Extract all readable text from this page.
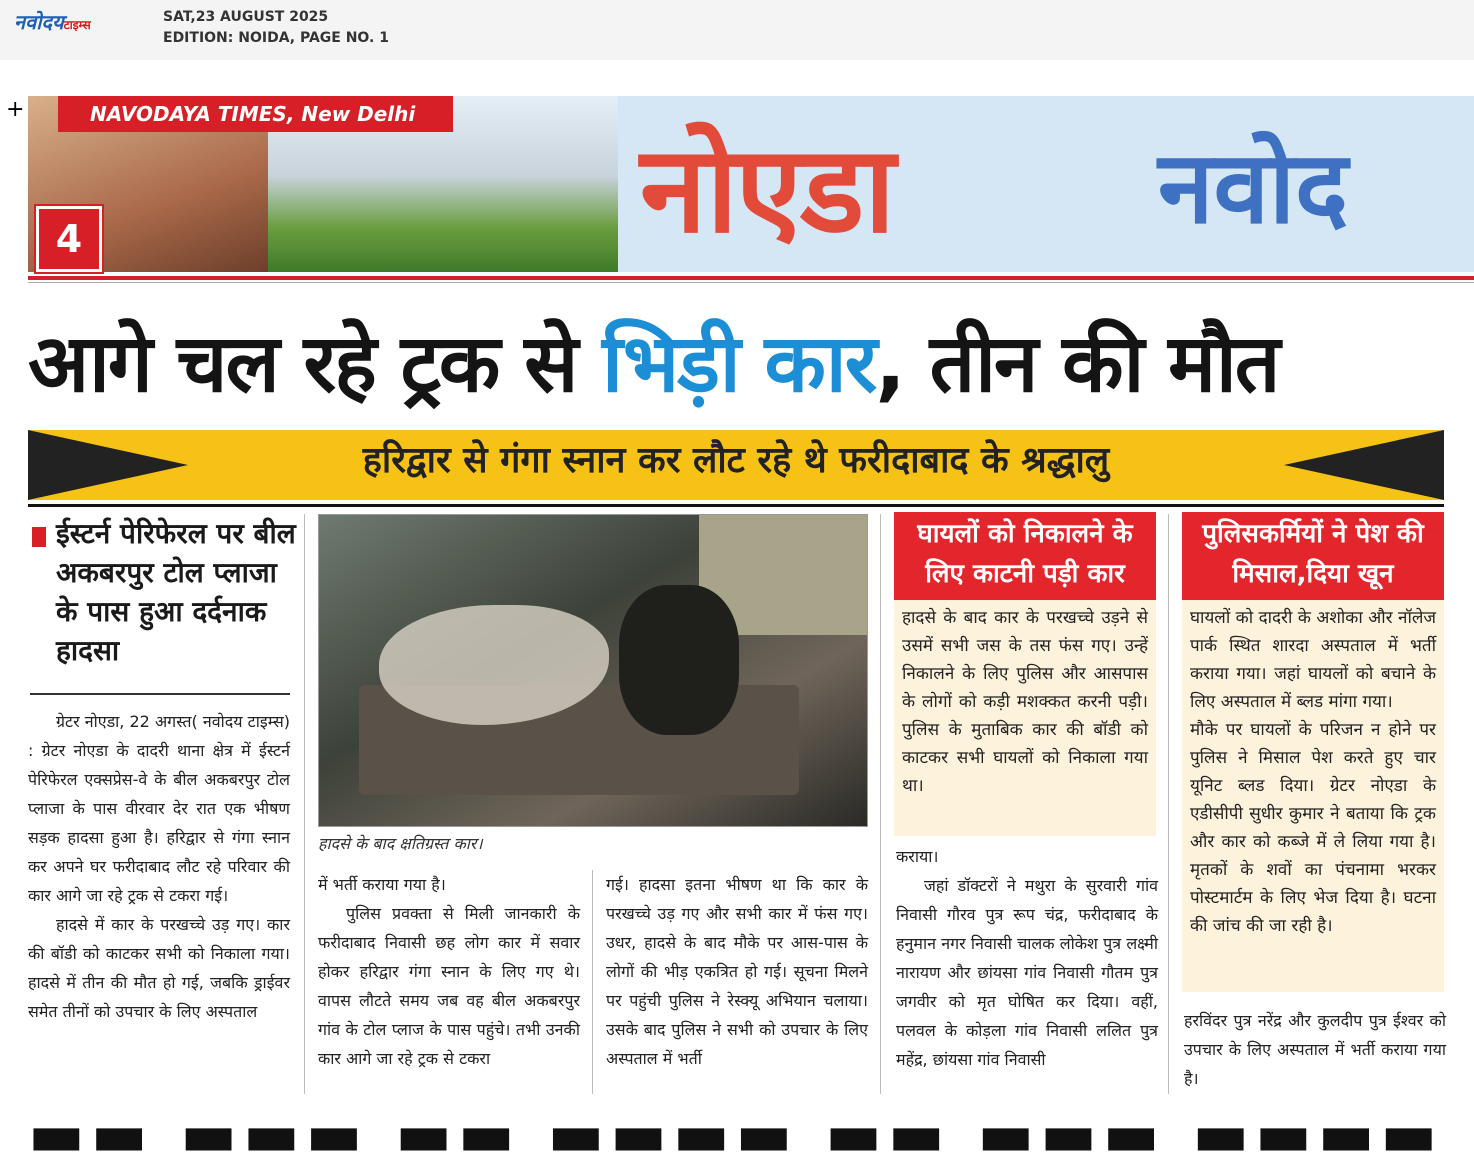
नवोदयटाइम्स	SAT,23 AUGUST 2025
EDITION: NOIDA, PAGE NO. 1
+	NAVODAYA TIMES, New Delhi
4	नोएडा	नवोद
आगे चल रहे ट्रक से भिड़ी कार, तीन की मौत
हरिद्वार से गंगा स्नान कर लौट रहे थे फरीदाबाद के श्रद्धालु
ईस्टर्न पेरिफेरल पर बील अकबरपुर टोल प्लाजा के पास हुआ दर्दनाक हादसा

ग्रेटर नोएडा, 22 अगस्त( नवोदय टाइम्स) : ग्रेटर नोएडा के दादरी थाना क्षेत्र में ईस्टर्न पेरिफेरल एक्सप्रेस-वे के बील अकबरपुर टोल प्लाजा के पास वीरवार देर रात एक भीषण सड़क हादसा हुआ है। हरिद्वार से गंगा स्नान कर अपने घर फरीदाबाद लौट रहे परिवार की कार आगे जा रहे ट्रक से टकरा गई।

हादसे में कार के परखच्चे उड़ गए। कार की बॉडी को काटकर सभी को निकाला गया। हादसे में तीन की मौत हो गई, जबकि ड्राईवर समेत तीनों को उपचार के लिए अस्पताल

हादसे के बाद क्षतिग्रस्त कार।

में भर्ती कराया गया है।

पुलिस प्रवक्ता से मिली जानकारी के फरीदाबाद निवासी छह लोग कार में सवार होकर हरिद्वार गंगा स्नान के लिए गए थे। वापस लौटते समय जब वह बील अकबरपुर गांव के टोल प्लाज के पास पहुंचे। तभी उनकी कार आगे जा रहे ट्रक से टकरा

गई। हादसा इतना भीषण था कि कार के परखच्चे उड़ गए और सभी कार में फंस गए। उधर, हादसे के बाद मौके पर आस-पास के लोगों की भीड़ एकत्रित हो गई। सूचना मिलने पर पहुंची पुलिस ने रेस्क्यू अभियान चलाया। उसके बाद पुलिस ने सभी को उपचार के लिए अस्पताल में भर्ती

घायलों को निकालने के लिए काटनी पड़ी कार

हादसे के बाद कार के परखच्चे उड़ने से उसमें सभी जस के तस फंस गए। उन्हें निकालने के लिए पुलिस और आसपास के लोगों को कड़ी मशक्कत करनी पड़ी। पुलिस के मुताबिक कार की बॉडी को काटकर सभी घायलों को निकाला गया था।

कराया।

जहां डॉक्टरों ने मथुरा के सुरवारी गांव निवासी गौरव पुत्र रूप चंद्र, फरीदाबाद के हनुमान नगर निवासी चालक लोकेश पुत्र लक्ष्मी नारायण और छांयसा गांव निवासी गौतम पुत्र जगवीर को मृत घोषित कर दिया। वहीं, पलवल के कोड़ला गांव निवासी ललित पुत्र महेंद्र, छांयसा गांव निवासी

पुलिसकर्मियों ने पेश की मिसाल,दिया खून

घायलों को दादरी के अशोका और नॉलेज पार्क स्थित शारदा अस्पताल में भर्ती कराया गया। जहां घायलों को बचाने के लिए अस्पताल में ब्लड मांगा गया।

मौके पर घायलों के परिजन न होने पर पुलिस ने मिसाल पेश करते हुए चार यूनिट ब्लड दिया। ग्रेटर नोएडा के एडीसीपी सुधीर कुमार ने बताया कि ट्रक और कार को कब्जे में ले लिया गया है। मृतकों के शवों का पंचनामा भरकर पोस्टमार्टम के लिए भेज दिया है। घटना की जांच की जा रही है।

हरविंदर पुत्र नरेंद्र और कुलदीप पुत्र ईश्वर को उपचार के लिए अस्पताल में भर्ती कराया गया है।

▬▬ ▬▬▬ ▬▬ ▬▬▬▬ ▬▬ ▬▬▬ ▬▬▬▬
